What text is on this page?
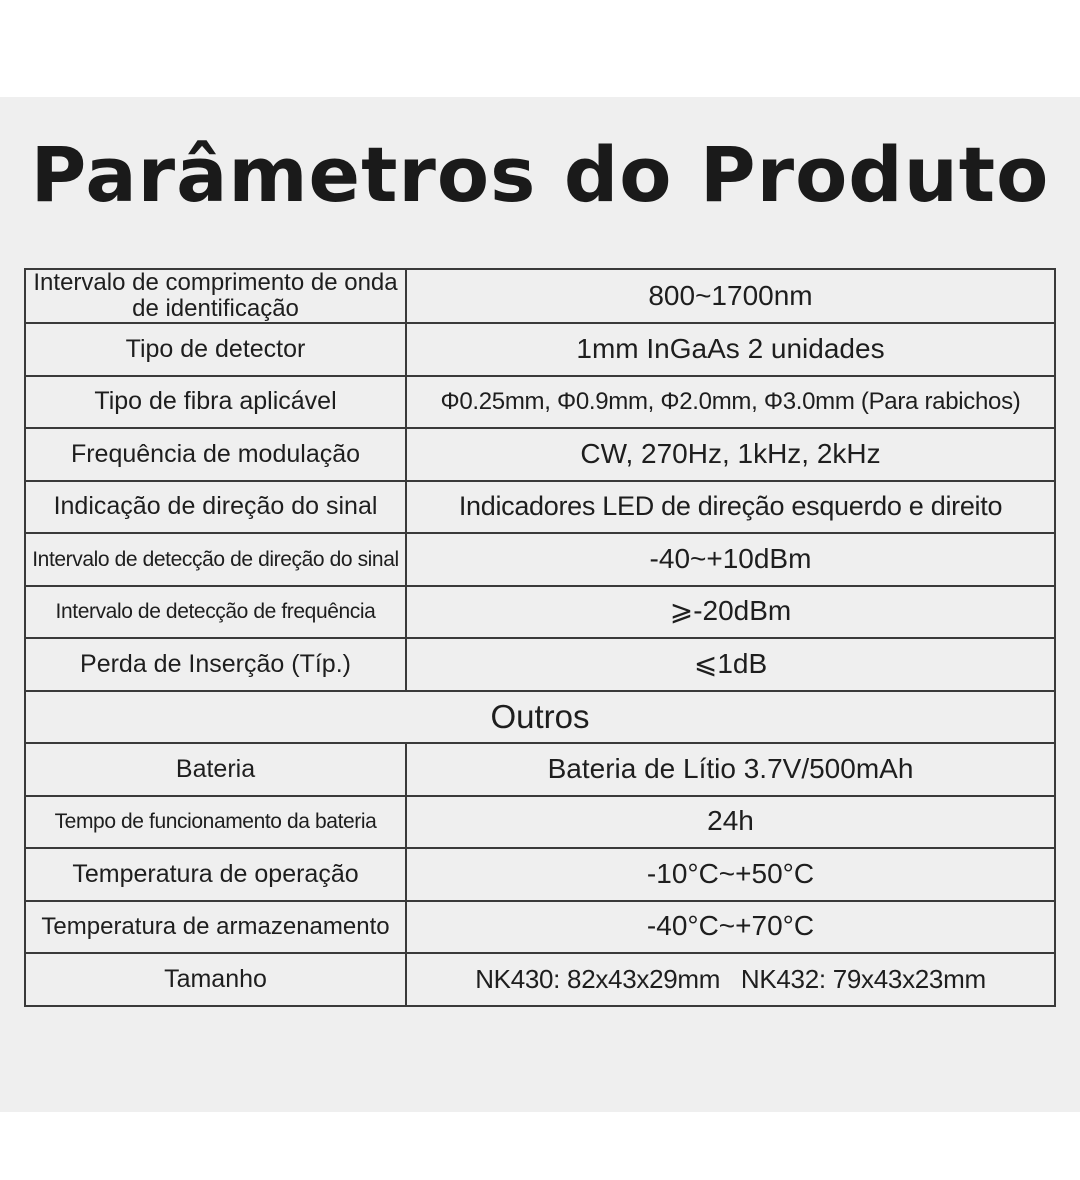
Parâmetros do Produto
Intervalo de comprimento de onda de identificação	800~1700nm
Tipo de detector	1mm InGaAs 2 unidades
Tipo de fibra aplicável	Φ0.25mm, Φ0.9mm, Φ2.0mm, Φ3.0mm (Para rabichos)
Frequência de modulação	CW, 270Hz, 1kHz, 2kHz
Indicação de direção do sinal	Indicadores LED de direção esquerdo e direito
Intervalo de detecção de direção do sinal	-40~+10dBm
Intervalo de detecção de frequência	⩾-20dBm
Perda de Inserção (Típ.)	⩽1dB
Outros	
Bateria	Bateria de Lítio 3.7V/500mAh
Tempo de funcionamento da bateria	24h
Temperatura de operação	-10°C~+50°C
Temperatura de armazenamento	-40°C~+70°C
Tamanho	NK430: 82x43x29mm   NK432: 79x43x23mm
